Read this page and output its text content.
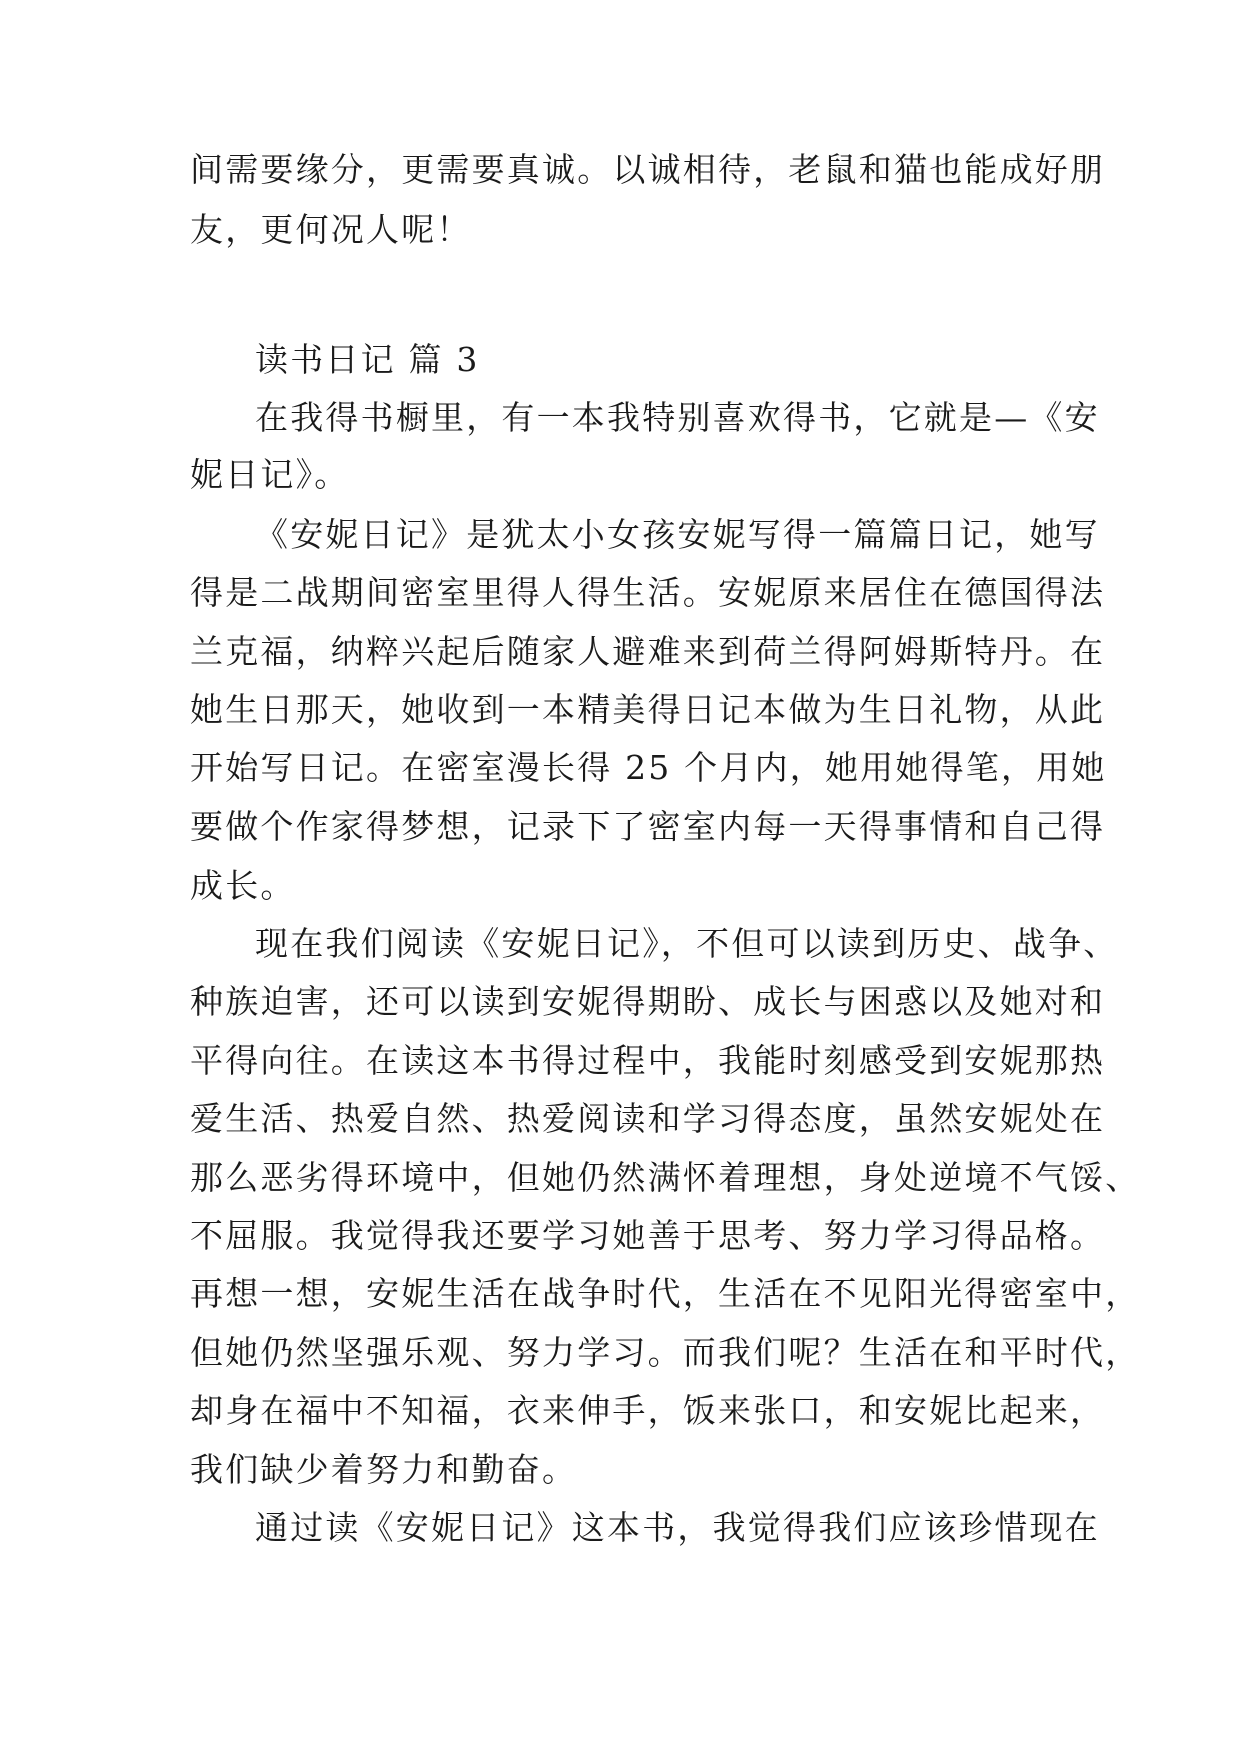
间需要缘分，更需要真诚。以诚相待，老鼠和猫也能成好朋
友，更何况人呢！
读书日记 篇 3
在我得书橱里，有一本我特别喜欢得书，它就是—《安
妮日记》。
《安妮日记》是犹太小女孩安妮写得一篇篇日记，她写
得是二战期间密室里得人得生活。安妮原来居住在德国得法
兰克福，纳粹兴起后随家人避难来到荷兰得阿姆斯特丹。在
她生日那天，她收到一本精美得日记本做为生日礼物，从此
开始写日记。在密室漫长得 25 个月内，她用她得笔，用她
要做个作家得梦想，记录下了密室内每一天得事情和自己得
成长。
现在我们阅读《安妮日记》，不但可以读到历史、战争、
种族迫害，还可以读到安妮得期盼、成长与困惑以及她对和
平得向往。在读这本书得过程中，我能时刻感受到安妮那热
爱生活、热爱自然、热爱阅读和学习得态度，虽然安妮处在
那么恶劣得环境中，但她仍然满怀着理想，身处逆境不气馁、
不屈服。我觉得我还要学习她善于思考、努力学习得品格。
再想一想，安妮生活在战争时代，生活在不见阳光得密室中，
但她仍然坚强乐观、努力学习。而我们呢？生活在和平时代，
却身在福中不知福，衣来伸手，饭来张口，和安妮比起来，
我们缺少着努力和勤奋。
通过读《安妮日记》这本书，我觉得我们应该珍惜现在
